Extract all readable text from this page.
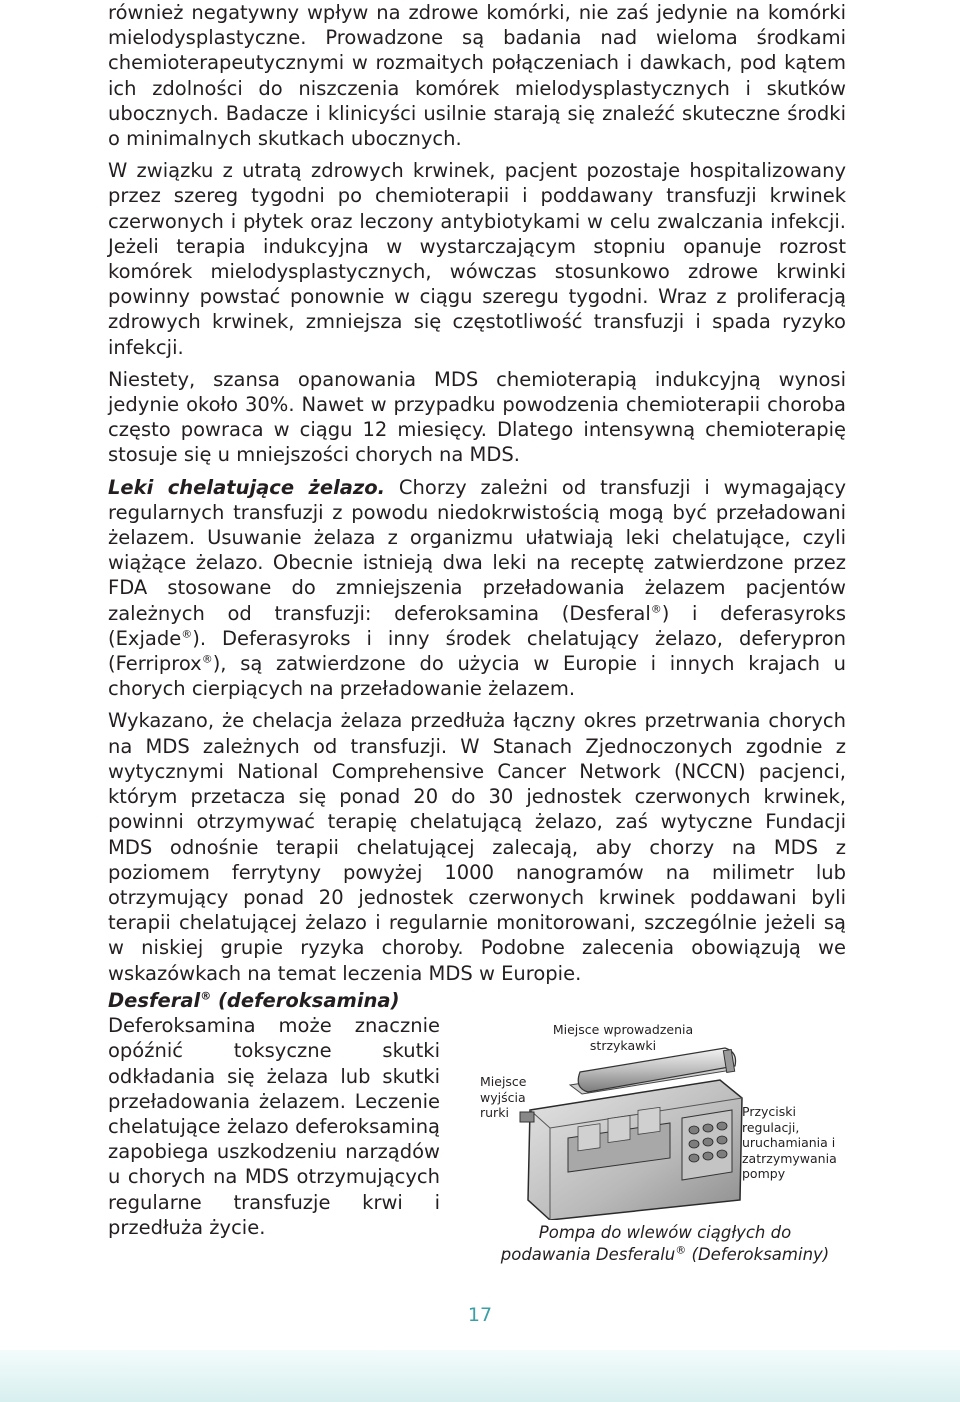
również negatywny wpływ na zdrowe komórki, nie zaś jedynie na komórki mielodysplastyczne. Prowadzone są badania nad wieloma środkami chemioterapeutycznymi w rozmaitych połączeniach i dawkach, pod kątem ich zdolności do niszczenia komórek mielodysplastycznych i skutków ubocznych. Badacze i klinicyści usilnie starają się znaleźć skuteczne środki o minimalnych skutkach ubocznych.

W związku z utratą zdrowych krwinek, pacjent pozostaje hospitalizowany przez szereg tygodni po chemioterapii i poddawany transfuzji krwinek czerwonych i płytek oraz leczony antybiotykami w celu zwalczania infekcji. Jeżeli terapia indukcyjna w wystarczającym stopniu opanuje rozrost komórek mielodysplastycznych, wówczas stosunkowo zdrowe krwinki powinny powstać ponownie w ciągu szeregu tygodni. Wraz z proliferacją zdrowych krwinek, zmniejsza się częstotliwość transfuzji i spada ryzyko infekcji.

Niestety, szansa opanowania MDS chemioterapią indukcyjną wynosi jedynie około 30%. Nawet w przypadku powodzenia chemioterapii choroba często powraca w ciągu 12 miesięcy. Dlatego intensywną chemioterapię stosuje się u mniejszości chorych na MDS.

Leki chelatujące żelazo. Chorzy zależni od transfuzji i wymagający regularnych transfuzji z powodu niedokrwistością mogą być przeładowani żelazem. Usuwanie żelaza z organizmu ułatwiają leki chelatujące, czyli wiążące żelazo. Obecnie istnieją dwa leki na receptę zatwierdzone przez FDA stosowane do zmniejszenia przeładowania żelazem pacjentów zależnych od transfuzji: deferoksamina (Desferal®) i deferasyroks (Exjade®). Deferasyroks i inny środek chelatujący żelazo, deferypron (Ferriprox®), są zatwierdzone do użycia w Europie i innych krajach u chorych cierpiących na przeładowanie żelazem.

Wykazano, że chelacja żelaza przedłuża łączny okres przetrwania chorych na MDS zależnych od transfuzji. W Stanach Zjednoczonych zgodnie z wytycznymi National Comprehensive Cancer Network (NCCN) pacjenci, którym przetacza się ponad 20 do 30 jednostek czerwonych krwinek, powinni otrzymywać terapię chelatującą żelazo, zaś wytyczne Fundacji MDS odnośnie terapii chelatującej zalecają, aby chorzy na MDS z poziomem ferrytyny powyżej 1000 nanogramów na milimetr lub otrzymujący ponad 20 jednostek czerwonych krwinek poddawani byli terapii chelatującej żelazo i regularnie monitorowani, szczególnie jeżeli są w niskiej grupie ryzyka choroby. Podobne zalecenia obowiązują we wskazówkach na temat leczenia MDS w Europie.

Desferal® (deferoksamina)

Deferoksamina może znacznie opóźnić toksyczne skutki odkładania się żelaza lub skutki przeładowania żelazem. Leczenie chelatujące żelazo deferoksaminą zapobiega uszkodzeniu narządów u chorych na MDS otrzymujących regularne transfuzje krwi i przedłuża życie.

Miejsce wprowadzenia strzykawki
Miejsce wyjścia rurki	Przyciski regulacji, uruchamiania i zatrzymywania pompy
Pompa do wlewów ciągłych do
podawania Desferalu® (Deferoksaminy)
17
